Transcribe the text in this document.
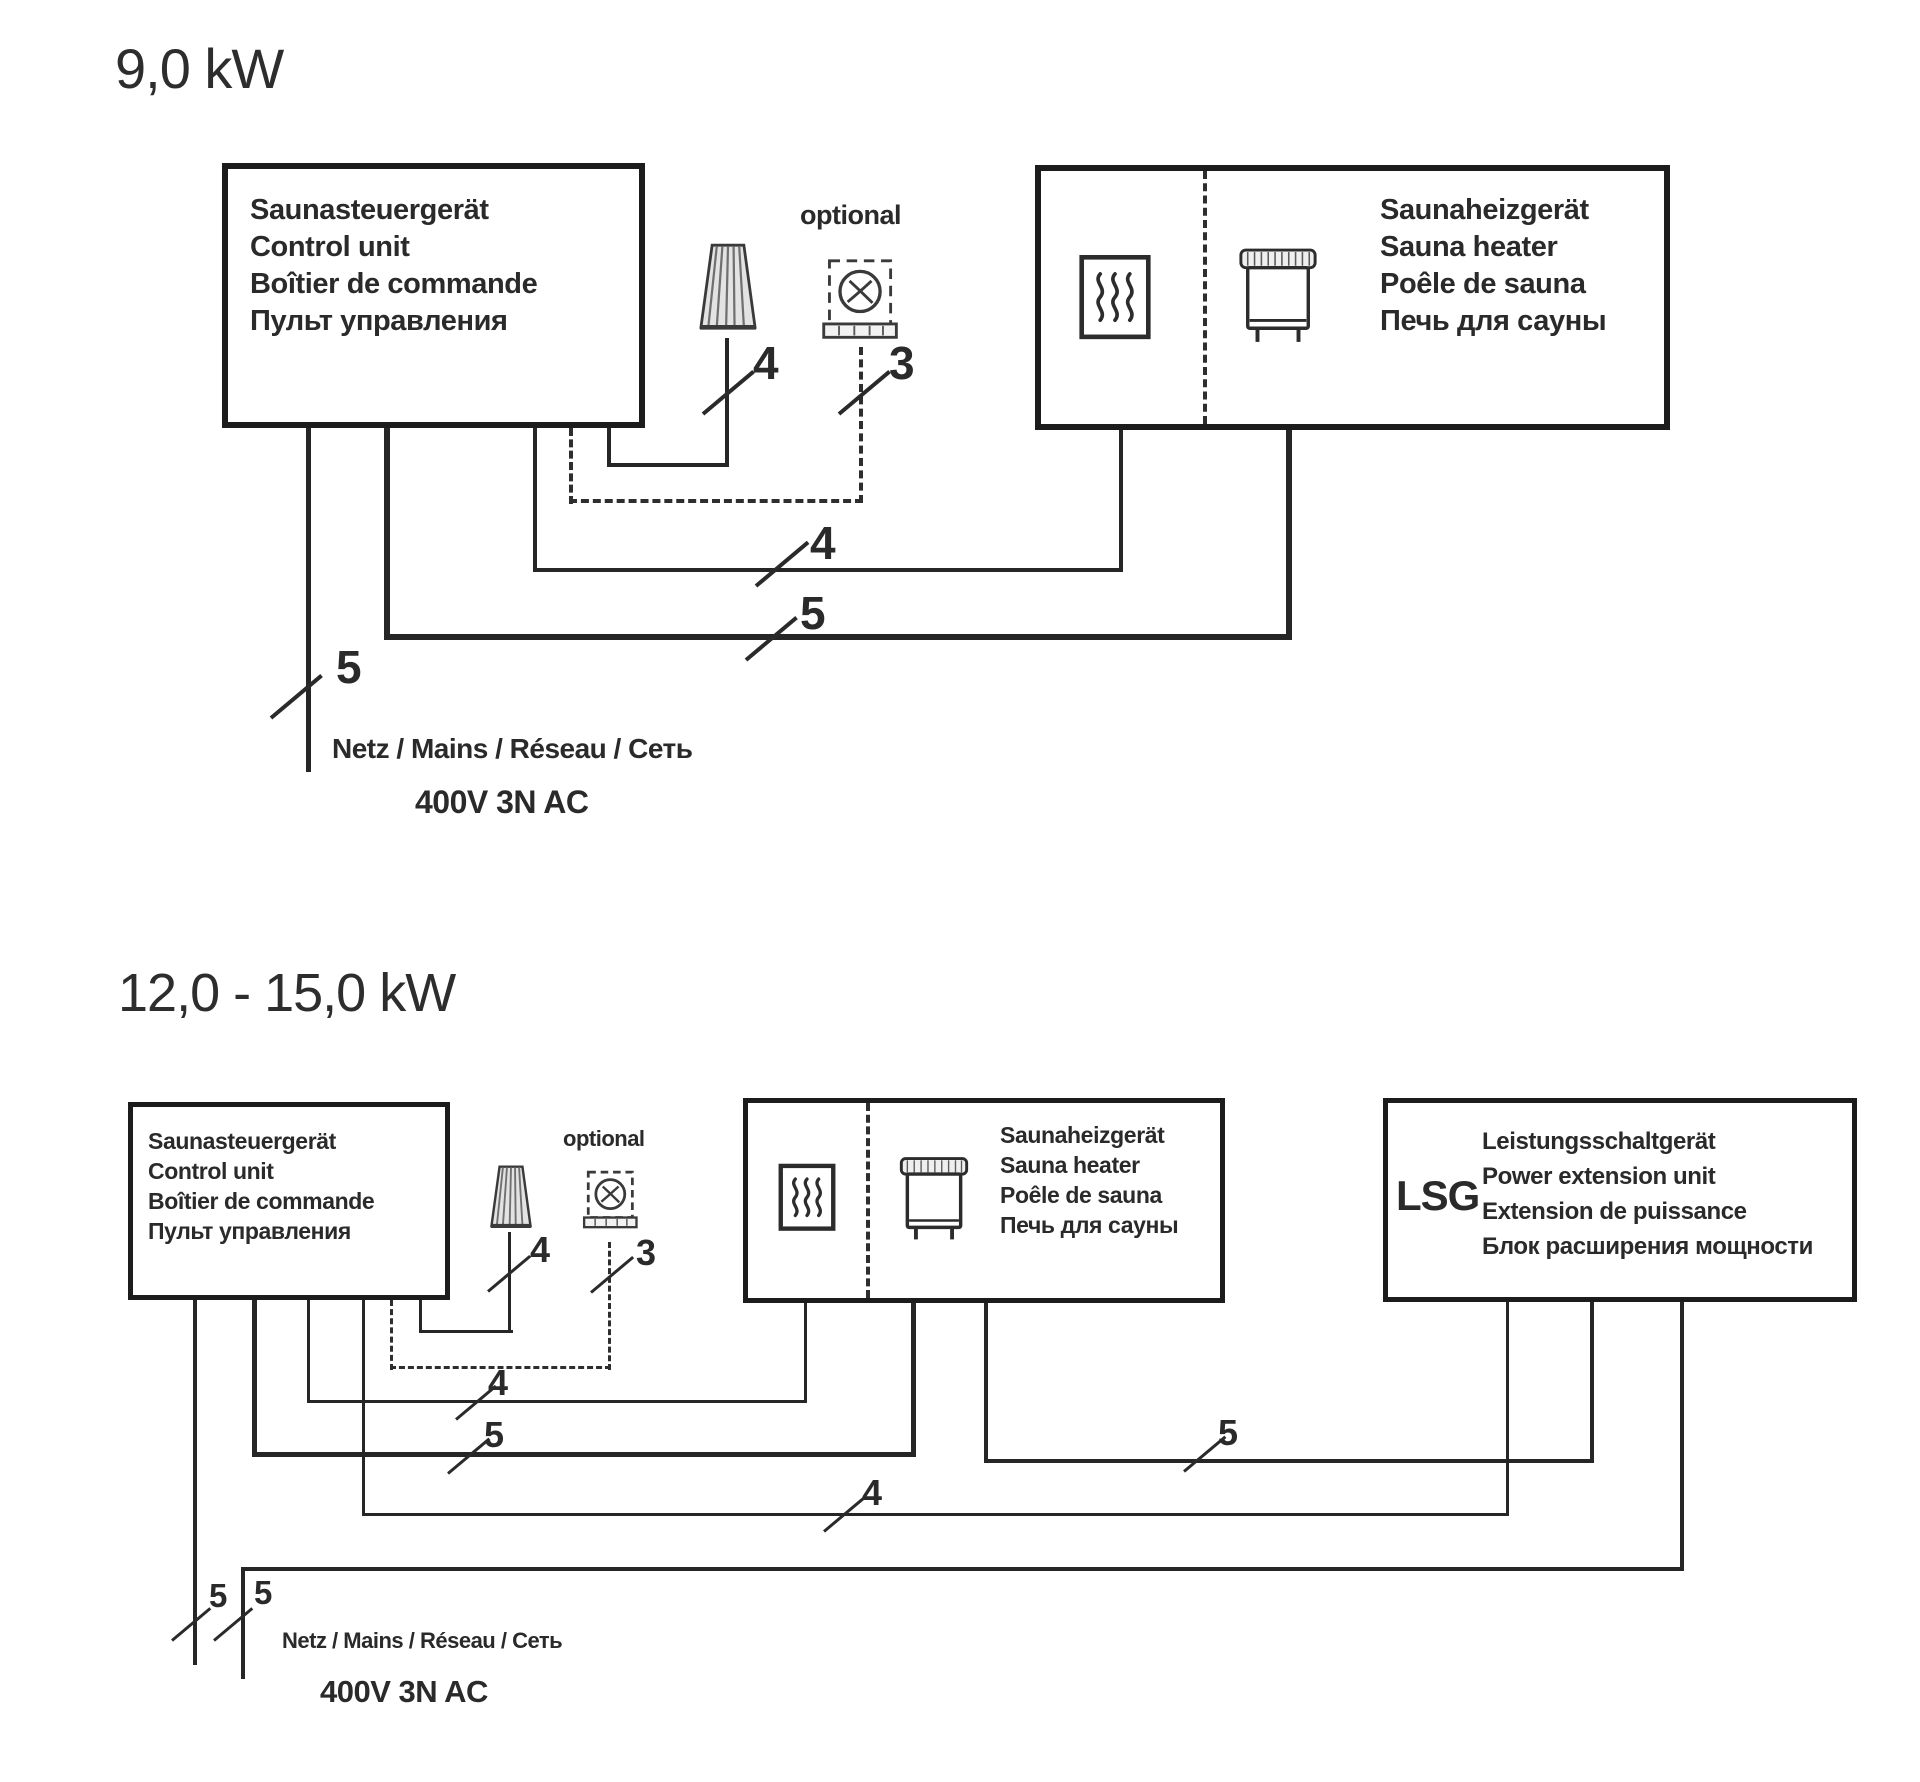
9,0 kW
Saunasteuergerät
Control unit
Boîtier de commande
Пульт управления
Saunaheizgerät
Sauna heater
Poêle de sauna
Печь для сауны
optional
4 3
4
5
5
Netz / Mains / Réseau / Сеть
400V 3N AC
12,0 - 15,0 kW
Saunasteuergerät
Control unit
Boîtier de commande
Пульт управления
Saunaheizgerät
Sauna heater
Poêle de sauna
Печь для сауны
LSG
Leistungsschaltgerät
Power extension unit
Extension de puissance
Блок расширения мощности
optional
4 3
4
5
4
5
5 5
Netz / Mains / Réseau / Сеть
400V 3N AC
